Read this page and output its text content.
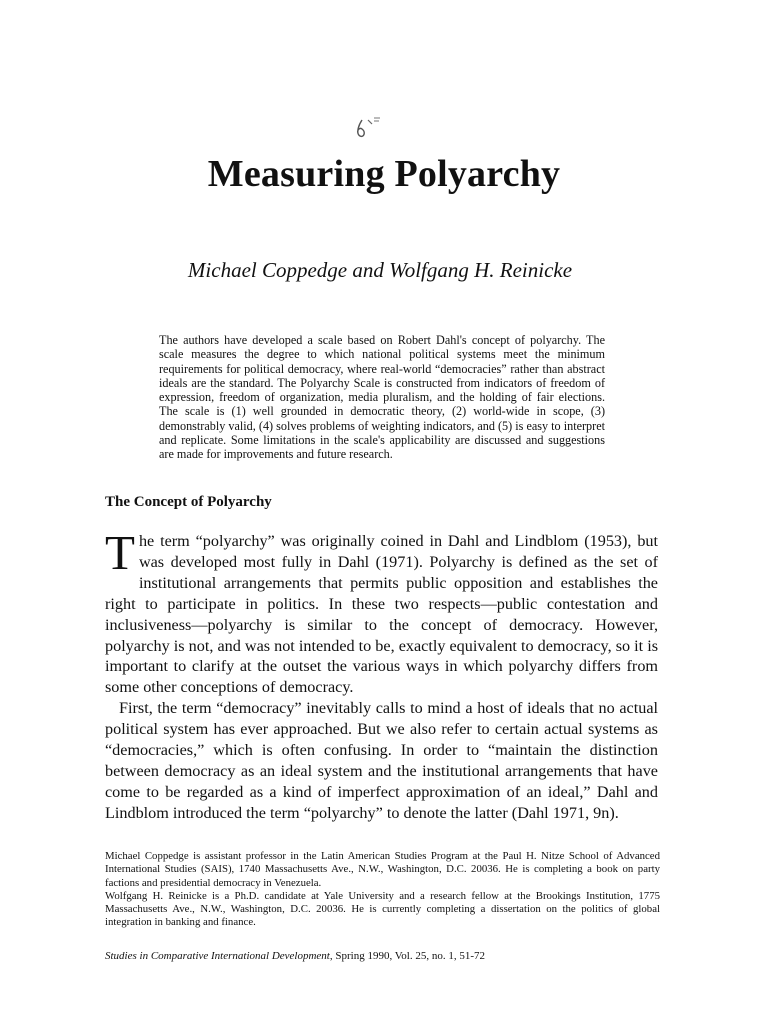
Measuring Polyarchy
Michael Coppedge and Wolfgang H. Reinicke
The authors have developed a scale based on Robert Dahl's concept of polyarchy. The scale measures the degree to which national political systems meet the minimum requirements for political democracy, where real-world “democracies” rather than abstract ideals are the standard. The Polyarchy Scale is constructed from indicators of freedom of expression, freedom of organization, media pluralism, and the holding of fair elections. The scale is (1) well grounded in democratic theory, (2) world-wide in scope, (3) demonstrably valid, (4) solves problems of weighting indicators, and (5) is easy to interpret and replicate. Some limitations in the scale's applicability are discussed and suggestions are made for improvements and future research.
The Concept of Polyarchy

The term “polyarchy” was originally coined in Dahl and Lindblom (1953), but was developed most fully in Dahl (1971). Polyarchy is defined as the set of institutional arrangements that permits public opposition and establishes the right to participate in politics. In these two respects—public contestation and inclusiveness—polyarchy is similar to the concept of democracy. However, polyarchy is not, and was not intended to be, exactly equivalent to democracy, so it is important to clarify at the outset the various ways in which polyarchy differs from some other conceptions of democracy.

First, the term “democracy” inevitably calls to mind a host of ideals that no actual political system has ever approached. But we also refer to certain actual systems as “democracies,” which is often confusing. In order to “maintain the distinction between democracy as an ideal system and the institutional arrangements that have come to be regarded as a kind of imperfect approximation of an ideal,” Dahl and Lindblom introduced the term “polyarchy” to denote the latter (Dahl 1971, 9n).

Michael Coppedge is assistant professor in the Latin American Studies Program at the Paul H. Nitze School of Advanced International Studies (SAIS), 1740 Massachusetts Ave., N.W., Washington, D.C. 20036. He is completing a book on party factions and presidential democracy in Venezuela.

Wolfgang H. Reinicke is a Ph.D. candidate at Yale University and a research fellow at the Brookings Institution, 1775 Massachusetts Ave., N.W., Washington, D.C. 20036. He is currently completing a dissertation on the politics of global integration in banking and finance.

Studies in Comparative International Development, Spring 1990, Vol. 25, no. 1, 51-72
